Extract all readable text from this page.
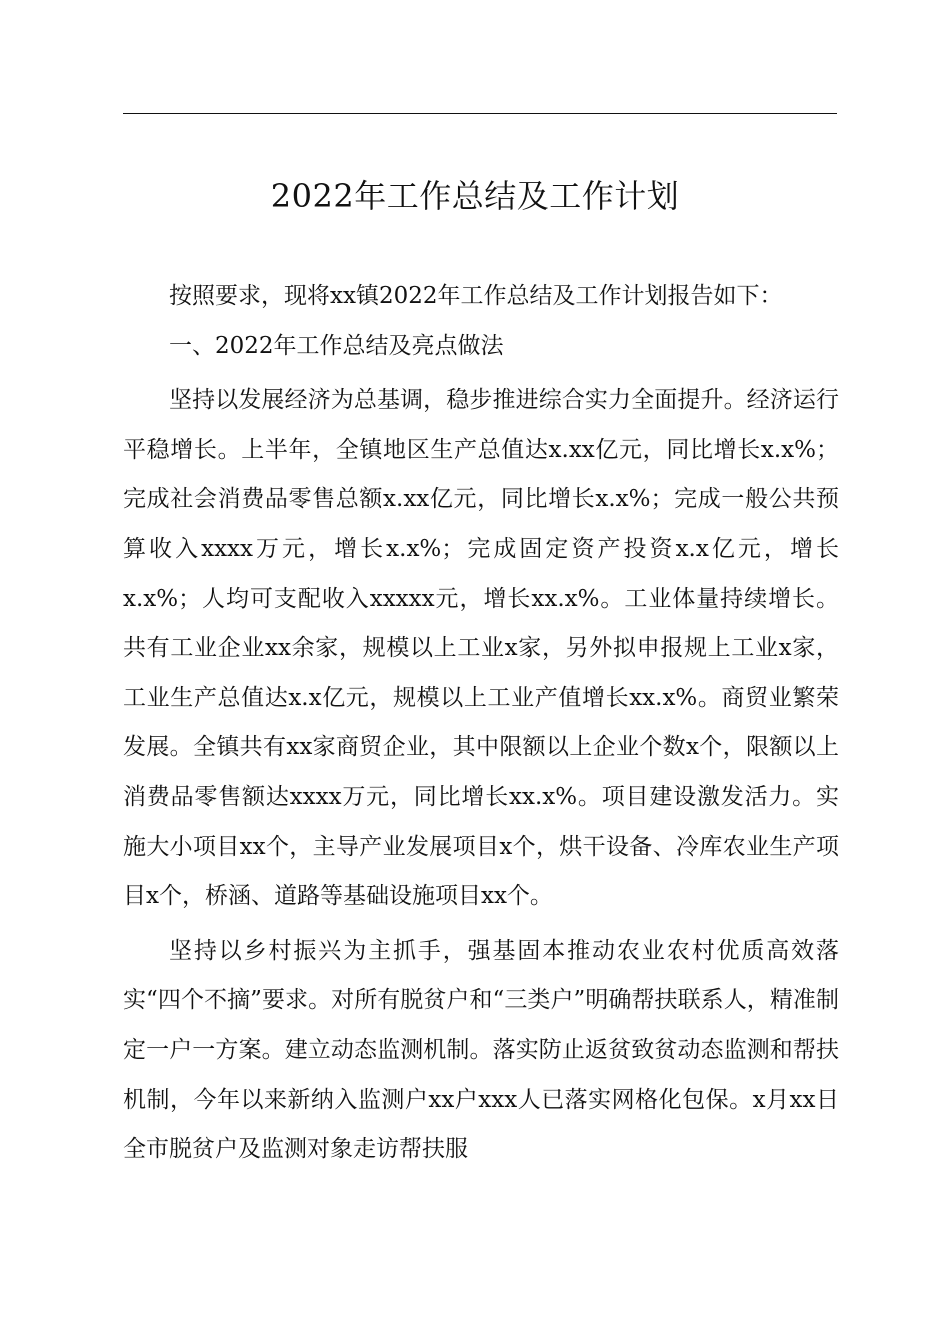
2022年工作总结及工作计划

按照要求，现将xx镇2022年工作总结及工作计划报告如下：

一、2022年工作总结及亮点做法

坚持以发展经济为总基调，稳步推进综合实力全面提升。经济运行平稳增长。上半年，全镇地区生产总值达x.xx亿元，同比增长x.x%；完成社会消费品零售总额x.xx亿元，同比增长x.x%；完成一般公共预算收入xxxx万元，增长x.x%；完成固定资产投资x.x亿元，增长x.x%；人均可支配收入xxxxx元，增长xx.x%。工业体量持续增长。共有工业企业xx余家，规模以上工业x家，另外拟申报规上工业x家，工业生产总值达x.x亿元，规模以上工业产值增长xx.x%。商贸业繁荣发展。全镇共有xx家商贸企业，其中限额以上企业个数x个，限额以上消费品零售额达xxxx万元，同比增长xx.x%。项目建设激发活力。实施大小项目xx个，主导产业发展项目x个，烘干设备、冷库农业生产项目x个，桥涵、道路等基础设施项目xx个。

坚持以乡村振兴为主抓手，强基固本推动农业农村优质高效落实“四个不摘”要求。对所有脱贫户和“三类户”明确帮扶联系人，精准制定一户一方案。建立动态监测机制。落实防止返贫致贫动态监测和帮扶机制，今年以来新纳入监测户xx户xxx人已落实网格化包保。x月xx日全市脱贫户及监测对象走访帮扶服
